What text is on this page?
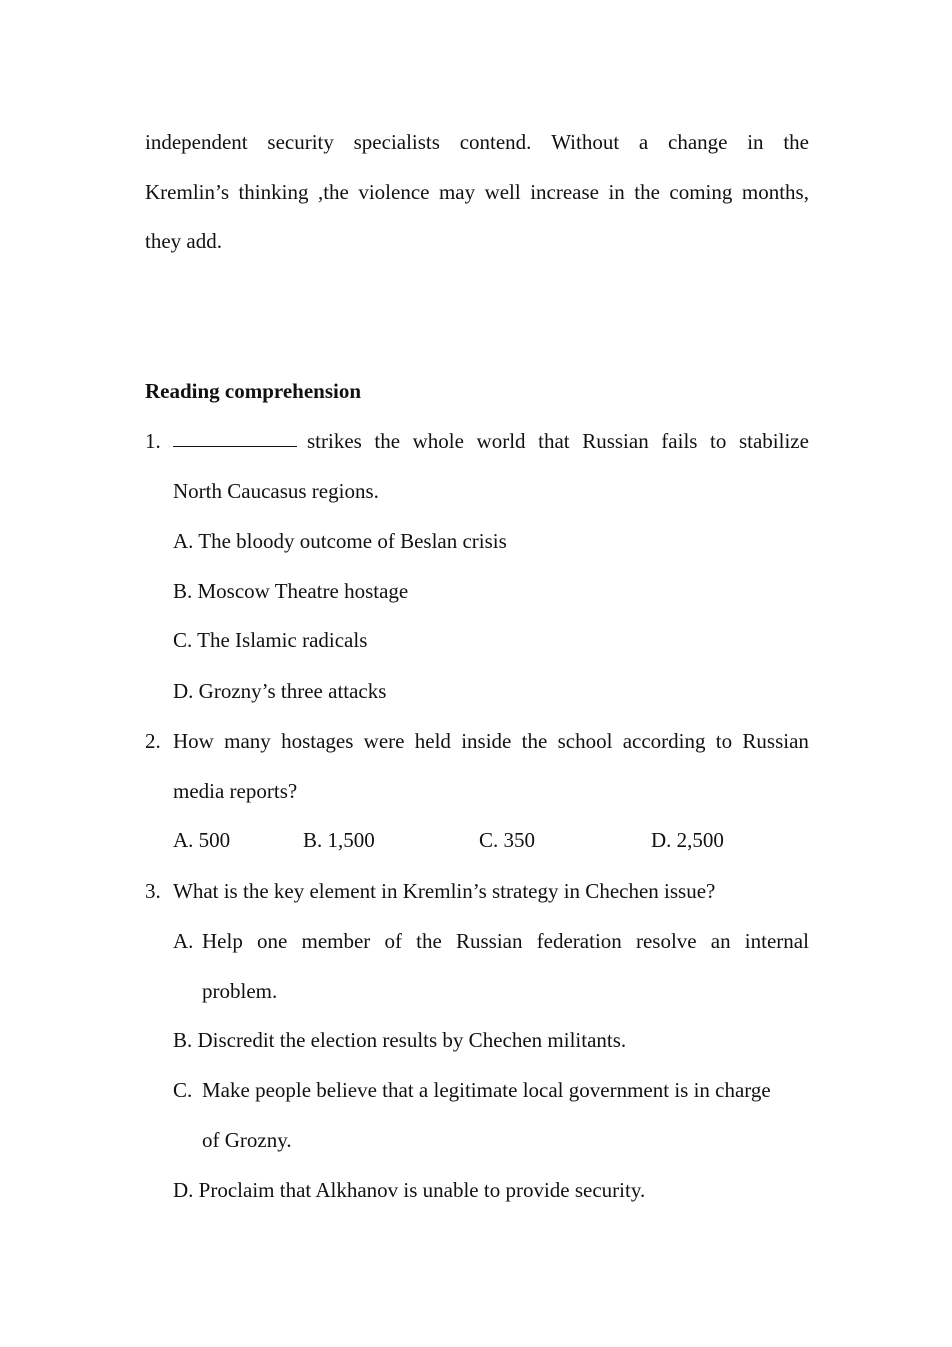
independent security specialists contend. Without a change in the
Kremlin’s thinking ,the violence may well increase in the coming months,
they add.
Reading comprehension
1.	strikes the whole world that Russian fails to stabilize
North Caucasus regions.
A. The bloody outcome of Beslan crisis
B. Moscow Theatre hostage
C. The Islamic radicals
D. Grozny’s three attacks
2. How many hostages were held inside the school according to Russian
media reports?
A. 500	B. 1,500	C. 350	D. 2,500
3. What is the key element in Kremlin’s strategy in Chechen issue?
A. Help one member of the Russian federation resolve an internal
problem.
B. Discredit the election results by Chechen militants.
C. Make people believe that a legitimate local government is in charge
of Grozny.
D. Proclaim that Alkhanov is unable to provide security.
